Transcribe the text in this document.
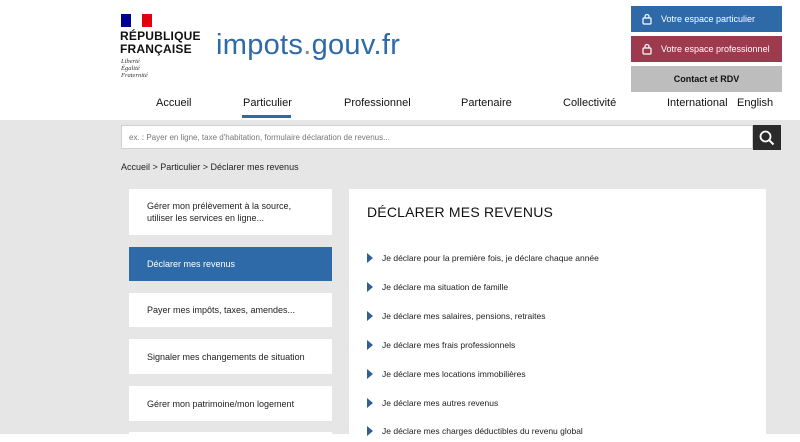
RÉPUBLIQUE
FRANÇAISE
Liberté
Égalité
Fraternité
impots.gouv.fr
Votre espace particulier
Votre espace professionnel
Contact et RDV
Accueil	Particulier	Professionnel	Partenaire	Collectivité	International English
ex. : Payer en ligne, taxe d'habitation, formulaire déclaration de revenus...
Accueil > Particulier > Déclarer mes revenus
Gérer mon prélèvement à la source, utiliser les services en ligne...
Déclarer mes revenus
Payer mes impôts, taxes, amendes...
Signaler mes changements de situation
Gérer mon patrimoine/mon logement
DÉCLARER MES REVENUS
Je déclare pour la première fois, je déclare chaque année
Je déclare ma situation de famille
Je déclare mes salaires, pensions, retraites
Je déclare mes frais professionnels
Je déclare mes locations immobilières
Je déclare mes autres revenus
Je déclare mes charges déductibles du revenu global
